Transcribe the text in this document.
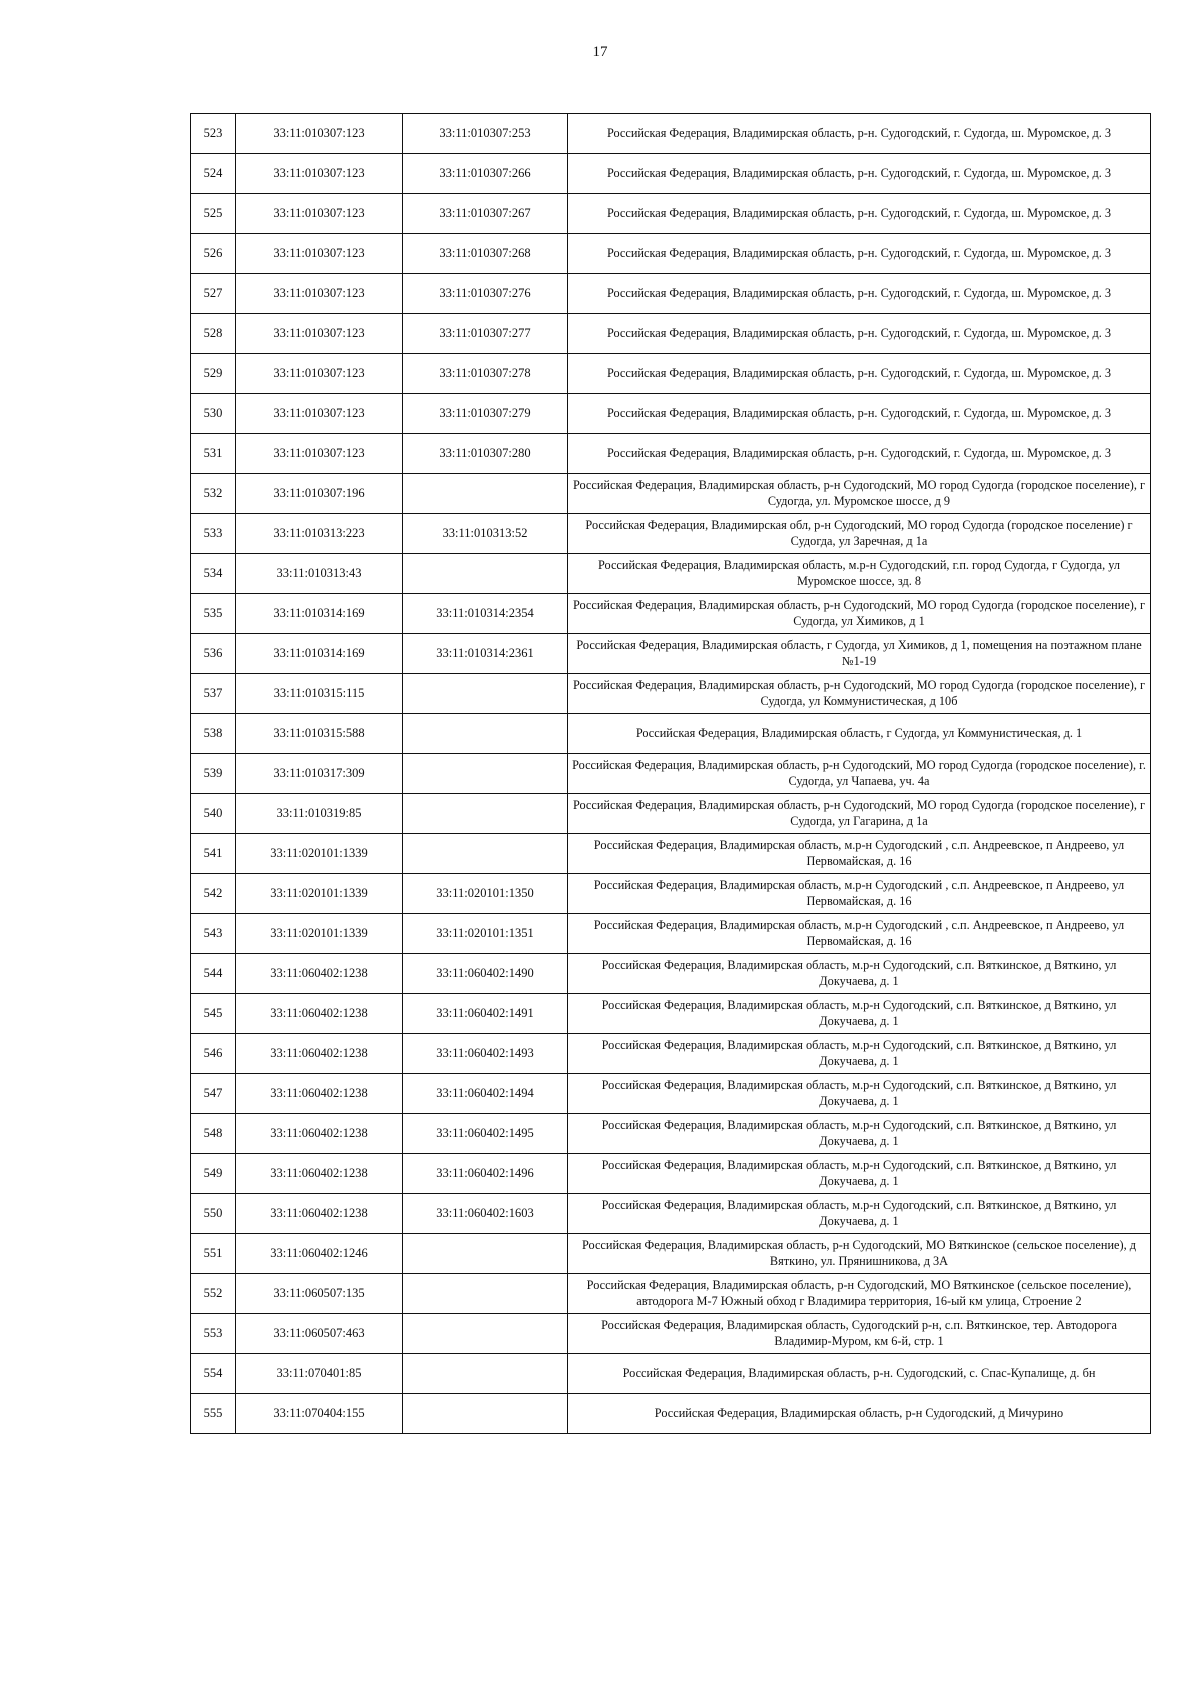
17
523	33:11:010307:123	33:11:010307:253	Российская Федерация, Владимирская область, р-н. Судогодский, г. Судогда, ш. Муромское, д. 3
524	33:11:010307:123	33:11:010307:266	Российская Федерация, Владимирская область, р-н. Судогодский, г. Судогда, ш. Муромское, д. 3
525	33:11:010307:123	33:11:010307:267	Российская Федерация, Владимирская область, р-н. Судогодский, г. Судогда, ш. Муромское, д. 3
526	33:11:010307:123	33:11:010307:268	Российская Федерация, Владимирская область, р-н. Судогодский, г. Судогда, ш. Муромское, д. 3
527	33:11:010307:123	33:11:010307:276	Российская Федерация, Владимирская область, р-н. Судогодский, г. Судогда, ш. Муромское, д. 3
528	33:11:010307:123	33:11:010307:277	Российская Федерация, Владимирская область, р-н. Судогодский, г. Судогда, ш. Муромское, д. 3
529	33:11:010307:123	33:11:010307:278	Российская Федерация, Владимирская область, р-н. Судогодский, г. Судогда, ш. Муромское, д. 3
530	33:11:010307:123	33:11:010307:279	Российская Федерация, Владимирская область, р-н. Судогодский, г. Судогда, ш. Муромское, д. 3
531	33:11:010307:123	33:11:010307:280	Российская Федерация, Владимирская область, р-н. Судогодский, г. Судогда, ш. Муромское, д. 3
532	33:11:010307:196		Российская Федерация, Владимирская область, р-н Судогодский, МО город Судогда (городское поселение), г Судогда, ул. Муромское шоссе, д 9
533	33:11:010313:223	33:11:010313:52	Российская Федерация, Владимирская обл, р-н Судогодский, МО город Судогда (городское поселение) г Судогда, ул Заречная, д 1а
534	33:11:010313:43		Российская Федерация, Владимирская область, м.р-н Судогодский, г.п. город Судогда, г Судогда, ул Муромское шоссе, зд. 8
535	33:11:010314:169	33:11:010314:2354	Российская Федерация, Владимирская область, р-н Судогодский, МО город Судогда (городское поселение), г Судогда, ул Химиков, д 1
536	33:11:010314:169	33:11:010314:2361	Российская Федерация, Владимирская область, г Судогда, ул Химиков, д 1, помещения на поэтажном плане №1-19
537	33:11:010315:115		Российская Федерация, Владимирская область, р-н Судогодский, МО город Судогда (городское поселение), г Судогда, ул Коммунистическая, д 10б
538	33:11:010315:588		Российская Федерация, Владимирская область, г Судогда, ул Коммунистическая, д. 1
539	33:11:010317:309		Российская Федерация, Владимирская область, р-н Судогодский, МО город Судогда (городское поселение), г. Судогда, ул Чапаева, уч. 4а
540	33:11:010319:85		Российская Федерация, Владимирская область, р-н Судогодский, МО город Судогда (городское поселение), г Судогда, ул Гагарина, д 1а
541	33:11:020101:1339		Российская Федерация, Владимирская область, м.р-н Судогодский , с.п. Андреевское, п Андреево, ул Первомайская, д. 16
542	33:11:020101:1339	33:11:020101:1350	Российская Федерация, Владимирская область, м.р-н Судогодский , с.п. Андреевское, п Андреево, ул Первомайская, д. 16
543	33:11:020101:1339	33:11:020101:1351	Российская Федерация, Владимирская область, м.р-н Судогодский , с.п. Андреевское, п Андреево, ул Первомайская, д. 16
544	33:11:060402:1238	33:11:060402:1490	Российская Федерация, Владимирская область, м.р-н Судогодский, с.п. Вяткинское, д Вяткино, ул Докучаева, д. 1
545	33:11:060402:1238	33:11:060402:1491	Российская Федерация, Владимирская область, м.р-н Судогодский, с.п. Вяткинское, д Вяткино, ул Докучаева, д. 1
546	33:11:060402:1238	33:11:060402:1493	Российская Федерация, Владимирская область, м.р-н Судогодский, с.п. Вяткинское, д Вяткино, ул Докучаева, д. 1
547	33:11:060402:1238	33:11:060402:1494	Российская Федерация, Владимирская область, м.р-н Судогодский, с.п. Вяткинское, д Вяткино, ул Докучаева, д. 1
548	33:11:060402:1238	33:11:060402:1495	Российская Федерация, Владимирская область, м.р-н Судогодский, с.п. Вяткинское, д Вяткино, ул Докучаева, д. 1
549	33:11:060402:1238	33:11:060402:1496	Российская Федерация, Владимирская область, м.р-н Судогодский, с.п. Вяткинское, д Вяткино, ул Докучаева, д. 1
550	33:11:060402:1238	33:11:060402:1603	Российская Федерация, Владимирская область, м.р-н Судогодский, с.п. Вяткинское, д Вяткино, ул Докучаева, д. 1
551	33:11:060402:1246		Российская Федерация, Владимирская область, р-н Судогодский, МО Вяткинское (сельское поселение), д Вяткино, ул. Прянишникова, д 3А
552	33:11:060507:135		Российская Федерация, Владимирская область, р-н Судогодский, МО Вяткинское (сельское поселение), автодорога М-7 Южный обход г Владимира территория, 16-ый км улица, Строение 2
553	33:11:060507:463		Российская Федерация, Владимирская область, Судогодский р-н, с.п. Вяткинское, тер. Автодорога Владимир-Муром, км 6-й, стр. 1
554	33:11:070401:85		Российская Федерация, Владимирская область, р-н. Судогодский, с. Спас-Купалище, д. бн
555	33:11:070404:155		Российская Федерация, Владимирская область, р-н Судогодский, д Мичурино
